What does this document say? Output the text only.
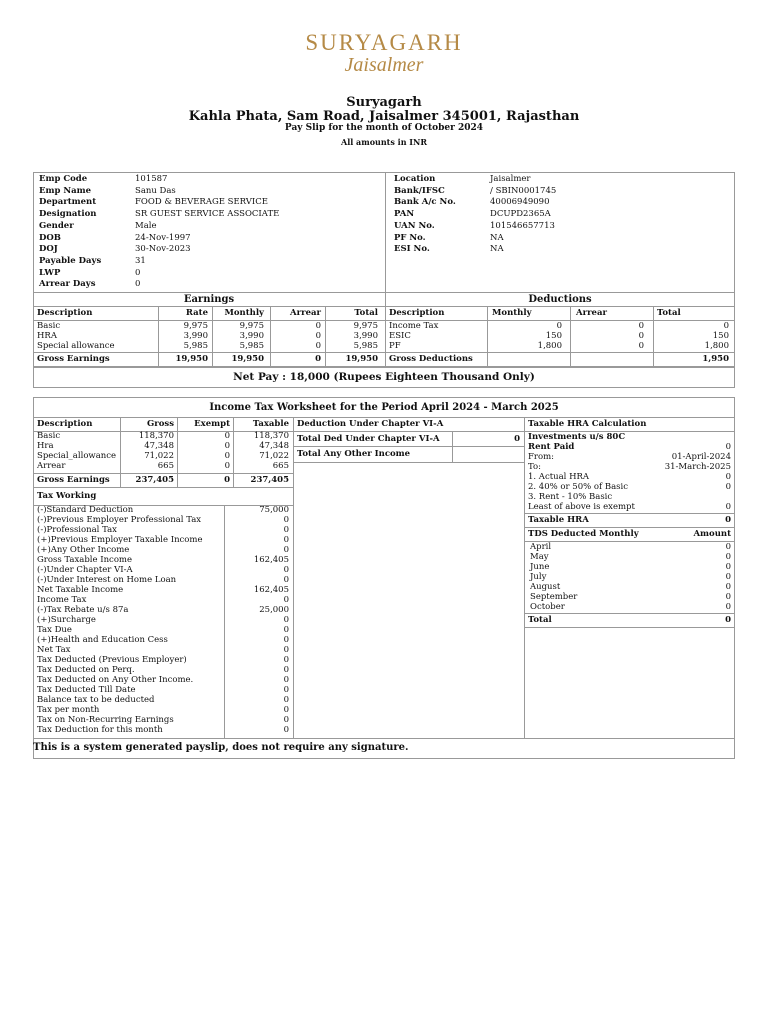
SURYAGARH
Jaisalmer
Suryagarh
Kahla Phata, Sam Road, Jaisalmer 345001, Rajasthan
Pay Slip for the month of October 2024
All amounts in INR
Emp Code	101587
Emp Name	Sanu Das
Department	FOOD & BEVERAGE SERVICE
Designation	SR GUEST SERVICE ASSOCIATE
Gender	Male
DOB	24-Nov-1997
DOJ	30-Nov-2023
Payable Days	31
LWP	0
Arrear Days	0
Location	Jaisalmer
Bank/IFSC	/ SBIN0001745
Bank A/c No.	40006949090
PAN	DCUPD2365A
UAN No.	101546657713
PF No.	NA
ESI No.	NA
Earnings	Deductions
Description	Rate	Monthly	Arrear	Total
Basic	9,975	9,975	0	9,975
HRA	3,990	3,990	0	3,990
Special allowance	5,985	5,985	0	5,985
Gross Earnings	19,950	19,950	0	19,950
Description	Monthly	Arrear	Total
Income Tax	0	0	0
ESIC	150	0	150
PF	1,800	0	1,800
Gross Deductions	1,950
Net Pay : 18,000 (Rupees Eighteen Thousand Only)
Income Tax Worksheet for the Period April 2024 - March 2025
Description	Gross	Exempt	Taxable
Basic	118,370	0	118,370
Hra	47,348	0	47,348
Special_allowance	71,022	0	71,022
Arrear	665	0	665
Gross Earnings	237,405	0	237,405
Tax Working
(-)Standard Deduction	75,000
(-)Previous Employer Professional Tax	0
(-)Professional Tax	0
(+)Previous Employer Taxable Income	0
(+)Any Other Income	0
Gross Taxable Income	162,405
(-)Under Chapter VI-A	0
(-)Under Interest on Home Loan	0
Net Taxable Income	162,405
Income Tax	0
(-)Tax Rebate u/s 87a	25,000
(+)Surcharge	0
Tax Due	0
(+)Health and Education Cess	0
Net Tax	0
Tax Deducted (Previous Employer)	0
Tax Deducted on Perq.	0
Tax Deducted on Any Other Income.	0
Tax Deducted Till Date	0
Balance tax to be deducted	0
Tax per month	0
Tax on Non-Recurring Earnings	0
Tax Deduction for this month	0
Deduction Under Chapter VI-A
Total Ded Under Chapter VI-A	0
Total Any Other Income
Taxable HRA Calculation
Investments u/s 80C
Rent Paid	0
From:	01-April-2024
To:	31-March-2025
1. Actual HRA	0
2. 40% or 50% of Basic	0
3. Rent - 10% Basic
Least of above is exempt	0
Taxable HRA	0
TDS Deducted Monthly	Amount
April	0
May	0
June	0
July	0
August	0
September	0
October	0
Total	0
This is a system generated payslip, does not require any signature.
